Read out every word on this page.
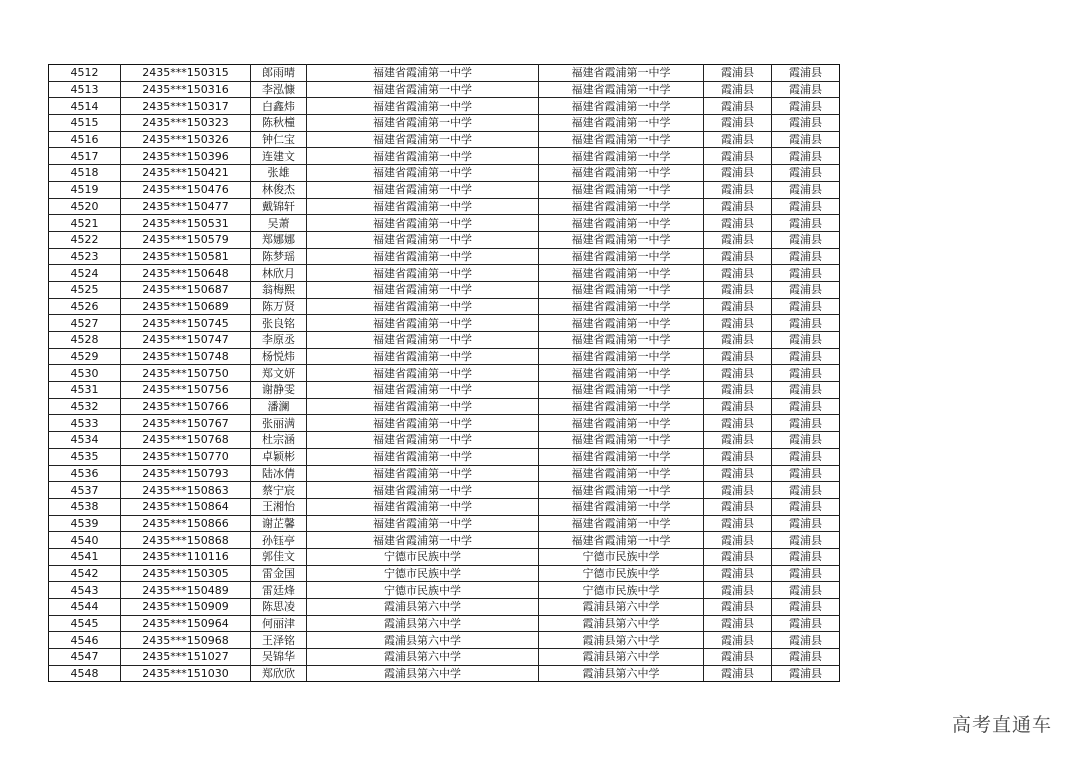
4512	2435***150315	郎雨晴	福建省霞浦第一中学	福建省霞浦第一中学	霞浦县	霞浦县
4513	2435***150316	李泓慷	福建省霞浦第一中学	福建省霞浦第一中学	霞浦县	霞浦县
4514	2435***150317	白鑫炜	福建省霞浦第一中学	福建省霞浦第一中学	霞浦县	霞浦县
4515	2435***150323	陈秋橦	福建省霞浦第一中学	福建省霞浦第一中学	霞浦县	霞浦县
4516	2435***150326	钟仁宝	福建省霞浦第一中学	福建省霞浦第一中学	霞浦县	霞浦县
4517	2435***150396	连建文	福建省霞浦第一中学	福建省霞浦第一中学	霞浦县	霞浦县
4518	2435***150421	张雄	福建省霞浦第一中学	福建省霞浦第一中学	霞浦县	霞浦县
4519	2435***150476	林俊杰	福建省霞浦第一中学	福建省霞浦第一中学	霞浦县	霞浦县
4520	2435***150477	戴锦轩	福建省霞浦第一中学	福建省霞浦第一中学	霞浦县	霞浦县
4521	2435***150531	吴萧	福建省霞浦第一中学	福建省霞浦第一中学	霞浦县	霞浦县
4522	2435***150579	郑娜娜	福建省霞浦第一中学	福建省霞浦第一中学	霞浦县	霞浦县
4523	2435***150581	陈梦瑶	福建省霞浦第一中学	福建省霞浦第一中学	霞浦县	霞浦县
4524	2435***150648	林欣月	福建省霞浦第一中学	福建省霞浦第一中学	霞浦县	霞浦县
4525	2435***150687	翁梅熙	福建省霞浦第一中学	福建省霞浦第一中学	霞浦县	霞浦县
4526	2435***150689	陈万贤	福建省霞浦第一中学	福建省霞浦第一中学	霞浦县	霞浦县
4527	2435***150745	张良铭	福建省霞浦第一中学	福建省霞浦第一中学	霞浦县	霞浦县
4528	2435***150747	李原丞	福建省霞浦第一中学	福建省霞浦第一中学	霞浦县	霞浦县
4529	2435***150748	杨悦炜	福建省霞浦第一中学	福建省霞浦第一中学	霞浦县	霞浦县
4530	2435***150750	郑文妍	福建省霞浦第一中学	福建省霞浦第一中学	霞浦县	霞浦县
4531	2435***150756	谢静雯	福建省霞浦第一中学	福建省霞浦第一中学	霞浦县	霞浦县
4532	2435***150766	潘澜	福建省霞浦第一中学	福建省霞浦第一中学	霞浦县	霞浦县
4533	2435***150767	张丽满	福建省霞浦第一中学	福建省霞浦第一中学	霞浦县	霞浦县
4534	2435***150768	杜宗涵	福建省霞浦第一中学	福建省霞浦第一中学	霞浦县	霞浦县
4535	2435***150770	卓颖彬	福建省霞浦第一中学	福建省霞浦第一中学	霞浦县	霞浦县
4536	2435***150793	陆冰倩	福建省霞浦第一中学	福建省霞浦第一中学	霞浦县	霞浦县
4537	2435***150863	蔡宁宸	福建省霞浦第一中学	福建省霞浦第一中学	霞浦县	霞浦县
4538	2435***150864	王湘怡	福建省霞浦第一中学	福建省霞浦第一中学	霞浦县	霞浦县
4539	2435***150866	谢芷馨	福建省霞浦第一中学	福建省霞浦第一中学	霞浦县	霞浦县
4540	2435***150868	孙钰亭	福建省霞浦第一中学	福建省霞浦第一中学	霞浦县	霞浦县
4541	2435***110116	郭佳文	宁德市民族中学	宁德市民族中学	霞浦县	霞浦县
4542	2435***150305	雷金国	宁德市民族中学	宁德市民族中学	霞浦县	霞浦县
4543	2435***150489	雷廷烽	宁德市民族中学	宁德市民族中学	霞浦县	霞浦县
4544	2435***150909	陈思凌	霞浦县第六中学	霞浦县第六中学	霞浦县	霞浦县
4545	2435***150964	何丽津	霞浦县第六中学	霞浦县第六中学	霞浦县	霞浦县
4546	2435***150968	王泽铭	霞浦县第六中学	霞浦县第六中学	霞浦县	霞浦县
4547	2435***151027	吴锦华	霞浦县第六中学	霞浦县第六中学	霞浦县	霞浦县
4548	2435***151030	郑欣欣	霞浦县第六中学	霞浦县第六中学	霞浦县	霞浦县
高考直通车
